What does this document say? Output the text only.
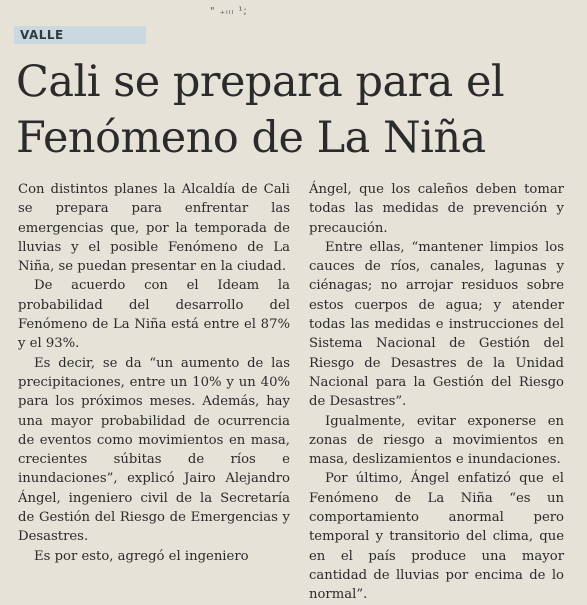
" ₊ᵢₗₗ ¹;
VALLE
Cali se prepara para el Fenómeno de La Niña

Con distintos planes la Alcaldía de Cali se prepara para enfrentar las emergencias que, por la temporada de lluvias y el posible Fenómeno de La Niña, se puedan presentar en la ciudad.

De acuerdo con el Ideam la probabilidad del desarrollo del Fenómeno de La Niña está entre el 87% y el 93%.

Es decir, se da “un aumento de las precipitaciones, entre un 10% y un 40% para los próximos meses. Además, hay una mayor probabilidad de ocurrencia de eventos como movimientos en masa, crecientes súbitas de ríos e inundaciones”, explicó Jairo Alejandro Ángel, ingeniero civil de la Secretaría de Gestión del Riesgo de Emergencias y Desastres.

Es por esto, agregó el ingeniero

Ángel, que los caleños deben tomar todas las medidas de prevención y precaución.

Entre ellas, “mantener limpios los cauces de ríos, canales, lagunas y ciénagas; no arrojar residuos sobre estos cuerpos de agua; y atender todas las medidas e instrucciones del Sistema Nacional de Gestión del Riesgo de Desastres de la Unidad Nacional para la Gestión del Riesgo de Desastres”.

Igualmente, evitar exponerse en zonas de riesgo a movimientos en masa, deslizamientos e inundaciones.

Por último, Ángel enfatizó que el Fenómeno de La Niña “es un comportamiento anormal pero temporal y transitorio del clima, que en el país produce una mayor cantidad de lluvias por encima de lo normal”.
